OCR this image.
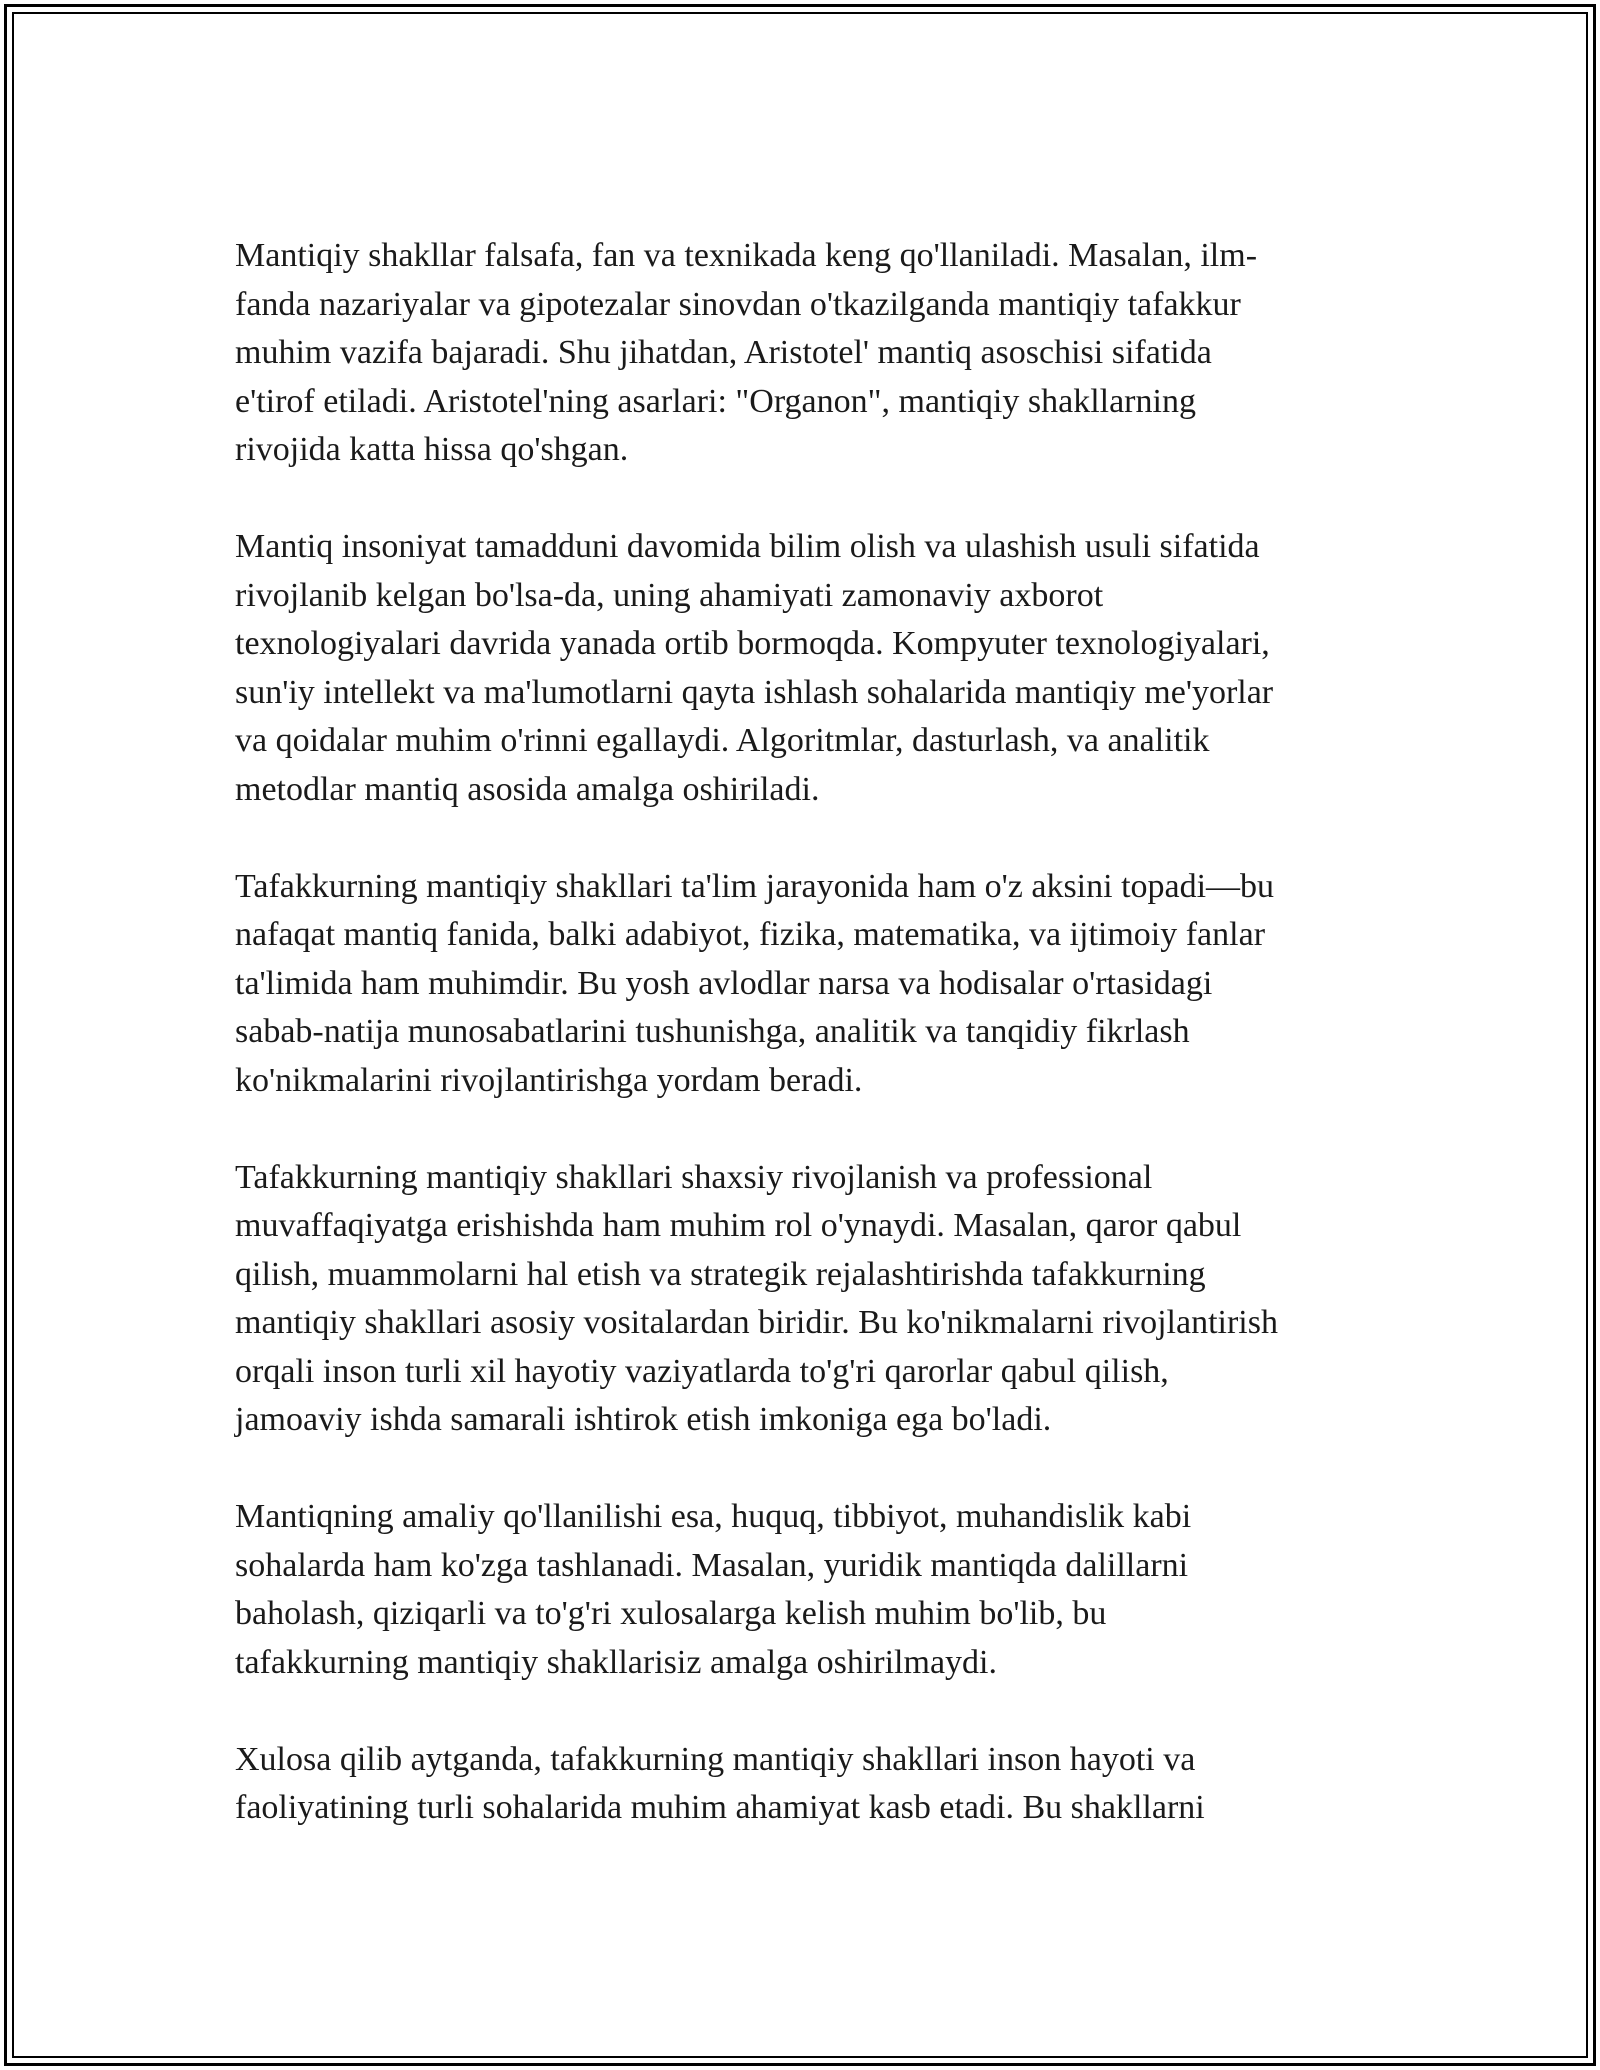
Mantiqiy shakllar falsafa, fan va texnikada keng qo'llaniladi. Masalan, ilm-
fanda nazariyalar va gipotezalar sinovdan o'tkazilganda mantiqiy tafakkur
muhim vazifa bajaradi. Shu jihatdan, Aristotel' mantiq asoschisi sifatida
e'tirof etiladi. Aristotel'ning asarlari: "Organon", mantiqiy shakllarning
rivojida katta hissa qo'shgan.

Mantiq insoniyat tamadduni davomida bilim olish va ulashish usuli sifatida
rivojlanib kelgan bo'lsa-da, uning ahamiyati zamonaviy axborot
texnologiyalari davrida yanada ortib bormoqda. Kompyuter texnologiyalari,
sun'iy intellekt va ma'lumotlarni qayta ishlash sohalarida mantiqiy me'yorlar
va qoidalar muhim o'rinni egallaydi. Algoritmlar, dasturlash, va analitik
metodlar mantiq asosida amalga oshiriladi.

Tafakkurning mantiqiy shakllari ta'lim jarayonida ham o'z aksini topadi—bu
nafaqat mantiq fanida, balki adabiyot, fizika, matematika, va ijtimoiy fanlar
ta'limida ham muhimdir. Bu yosh avlodlar narsa va hodisalar o'rtasidagi
sabab-natija munosabatlarini tushunishga, analitik va tanqidiy fikrlash
ko'nikmalarini rivojlantirishga yordam beradi.

Tafakkurning mantiqiy shakllari shaxsiy rivojlanish va professional
muvaffaqiyatga erishishda ham muhim rol o'ynaydi. Masalan, qaror qabul
qilish, muammolarni hal etish va strategik rejalashtirishda tafakkurning
mantiqiy shakllari asosiy vositalardan biridir. Bu ko'nikmalarni rivojlantirish
orqali inson turli xil hayotiy vaziyatlarda to'g'ri qarorlar qabul qilish,
jamoaviy ishda samarali ishtirok etish imkoniga ega bo'ladi.

Mantiqning amaliy qo'llanilishi esa, huquq, tibbiyot, muhandislik kabi
sohalarda ham ko'zga tashlanadi. Masalan, yuridik mantiqda dalillarni
baholash, qiziqarli va to'g'ri xulosalarga kelish muhim bo'lib, bu
tafakkurning mantiqiy shakllarisiz amalga oshirilmaydi.

Xulosa qilib aytganda, tafakkurning mantiqiy shakllari inson hayoti va
faoliyatining turli sohalarida muhim ahamiyat kasb etadi. Bu shakllarni
